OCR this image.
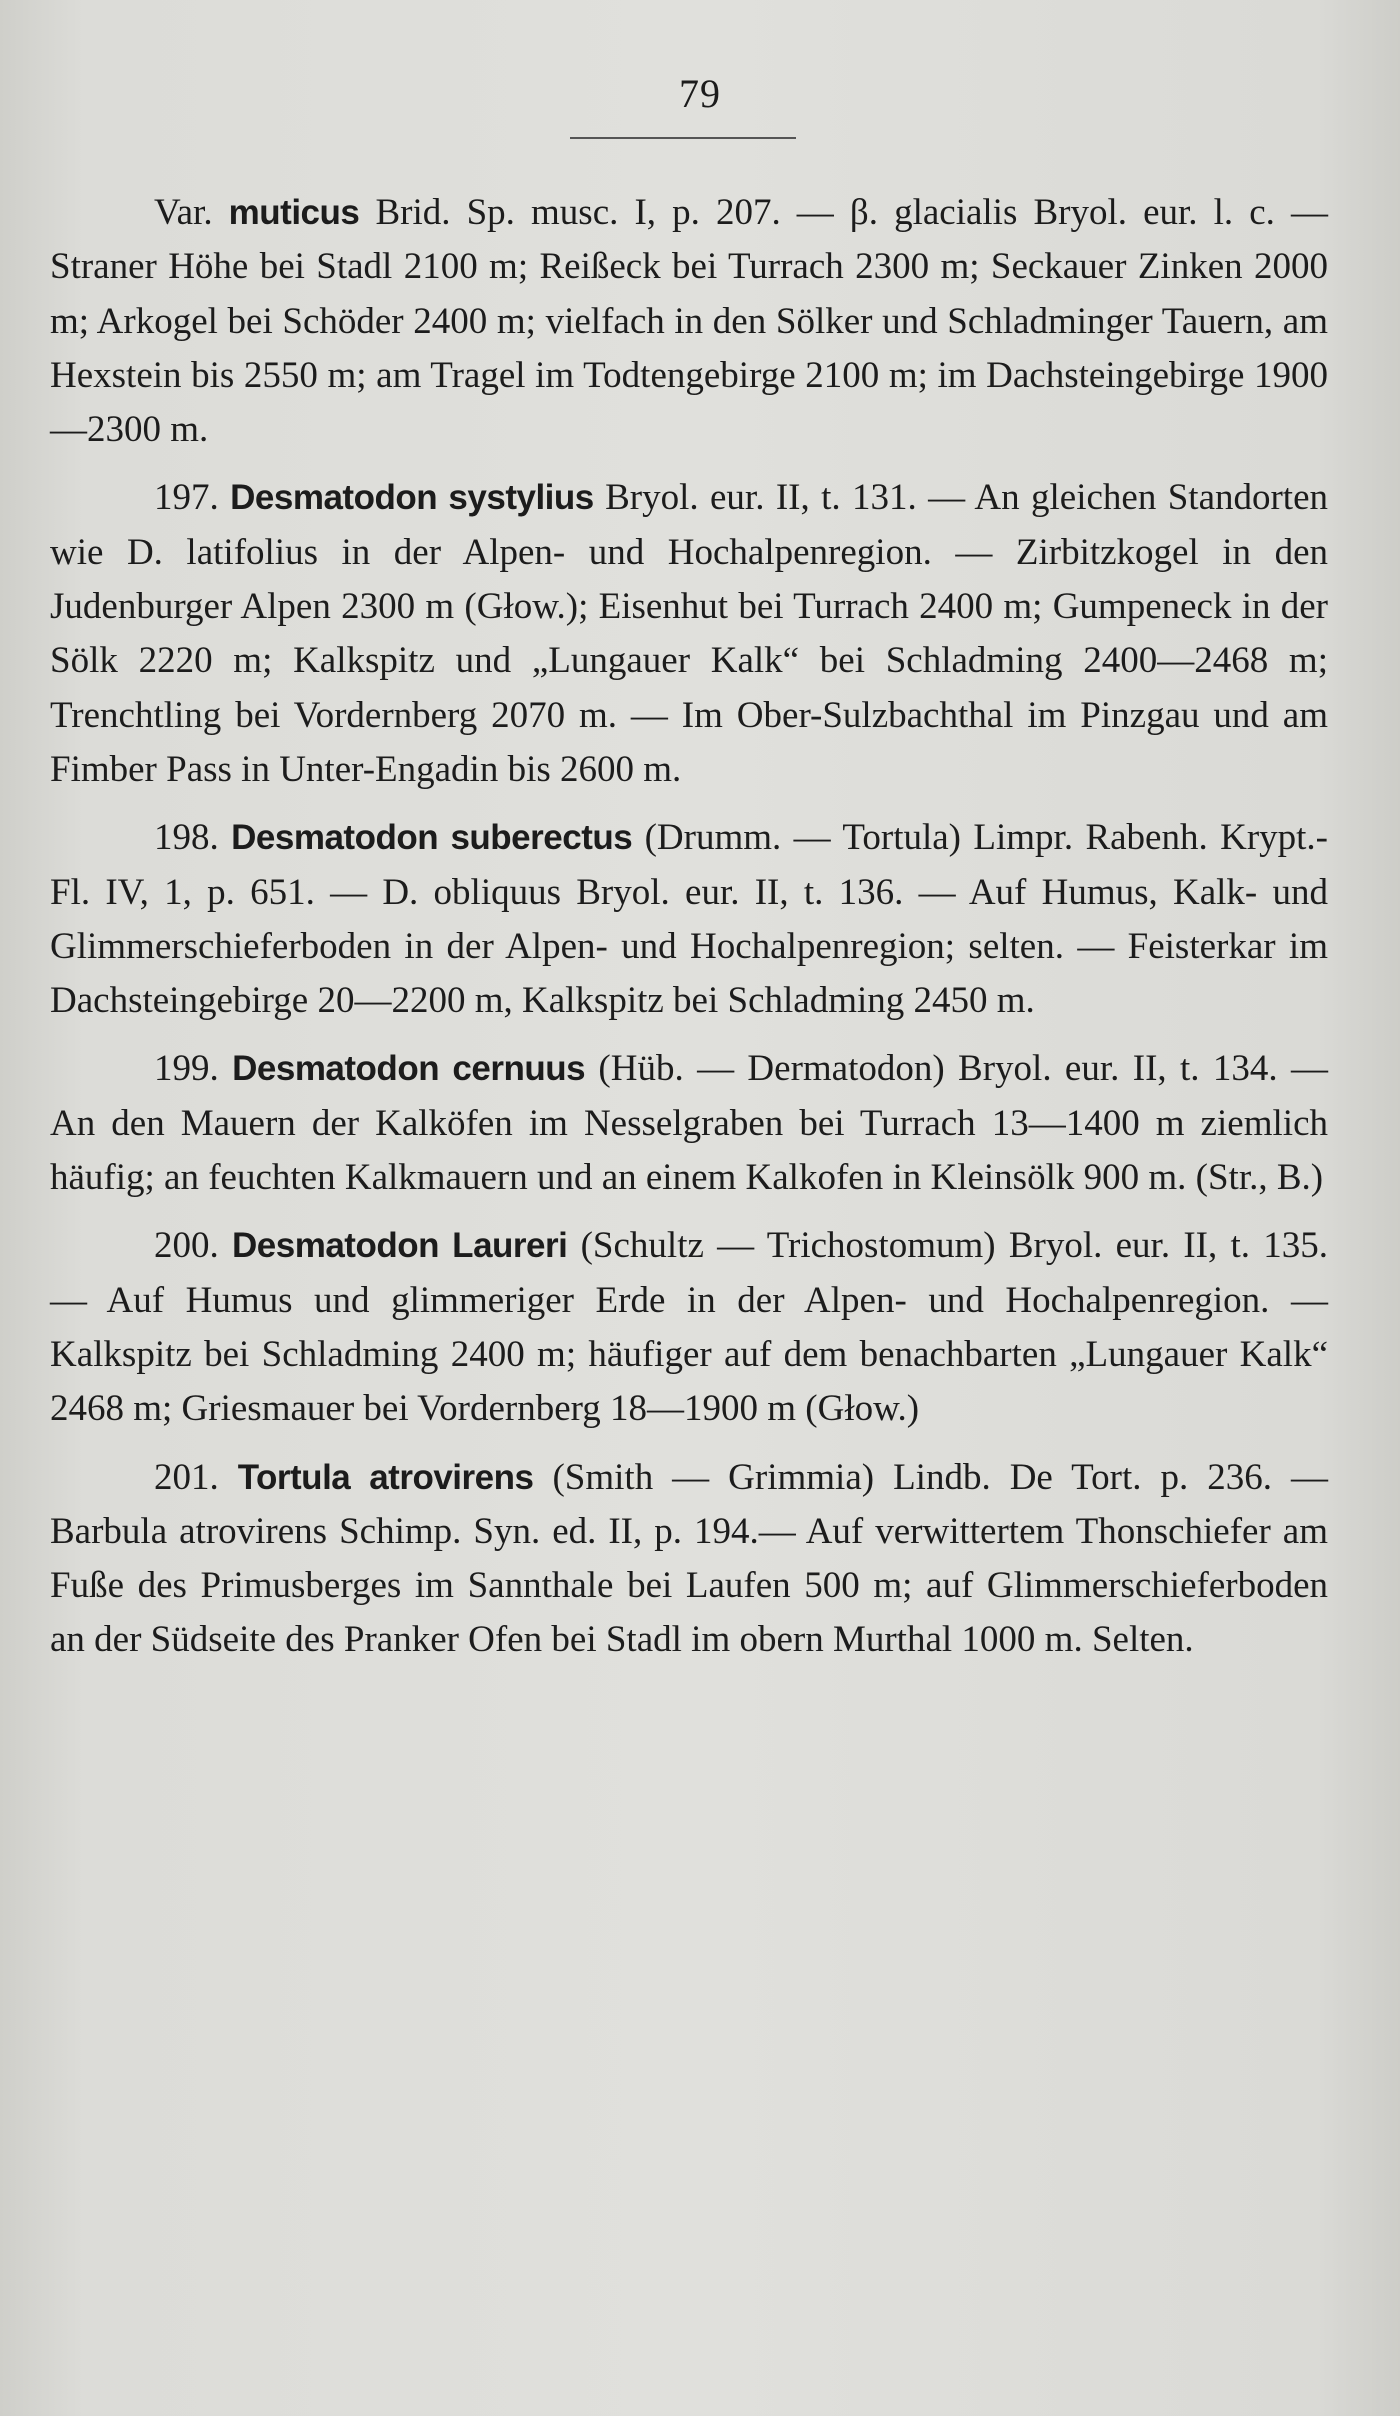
79

Var. muticus Brid. Sp. musc. I, p. 207. — β. glacialis Bryol. eur. l. c. — Straner Höhe bei Stadl 2100 m; Reißeck bei Turrach 2300 m; Seckauer Zinken 2000 m; Arkogel bei Schöder 2400 m; vielfach in den Sölker und Schladminger Tauern, am Hexstein bis 2550 m; am Tragel im Todtengebirge 2100 m; im Dachsteingebirge 1900—2300 m.

197. Desmatodon systylius Bryol. eur. II, t. 131. — An gleichen Standorten wie D. latifolius in der Alpen- und Hochalpenregion. — Zirbitzkogel in den Judenburger Alpen 2300 m (Głow.); Eisenhut bei Turrach 2400 m; Gumpeneck in der Sölk 2220 m; Kalkspitz und „Lungauer Kalk“ bei Schladming 2400—2468 m; Trenchtling bei Vordernberg 2070 m. — Im Ober-Sulzbachthal im Pinzgau und am Fimber Pass in Unter-Engadin bis 2600 m.

198. Desmatodon suberectus (Drumm. — Tortula) Limpr. Rabenh. Krypt.-Fl. IV, 1, p. 651. — D. obliquus Bryol. eur. II, t. 136. — Auf Humus, Kalk- und Glimmerschieferboden in der Alpen- und Hochalpenregion; selten. — Feisterkar im Dachsteingebirge 20—2200 m, Kalkspitz bei Schladming 2450 m.

199. Desmatodon cernuus (Hüb. — Dermatodon) Bryol. eur. II, t. 134. — An den Mauern der Kalköfen im Nesselgraben bei Turrach 13—1400 m ziemlich häufig; an feuchten Kalkmauern und an einem Kalkofen in Kleinsölk 900 m. (Str., B.)

200. Desmatodon Laureri (Schultz — Trichostomum) Bryol. eur. II, t. 135. — Auf Humus und glimmeriger Erde in der Alpen- und Hochalpenregion. — Kalkspitz bei Schladming 2400 m; häufiger auf dem benachbarten „Lungauer Kalk“ 2468 m; Griesmauer bei Vordernberg 18—1900 m (Głow.)

201. Tortula atrovirens (Smith — Grimmia) Lindb. De Tort. p. 236. — Barbula atrovirens Schimp. Syn. ed. II, p. 194.— Auf verwittertem Thonschiefer am Fuße des Primusberges im Sannthale bei Laufen 500 m; auf Glimmerschieferboden an der Südseite des Pranker Ofen bei Stadl im obern Murthal 1000 m. Selten.
